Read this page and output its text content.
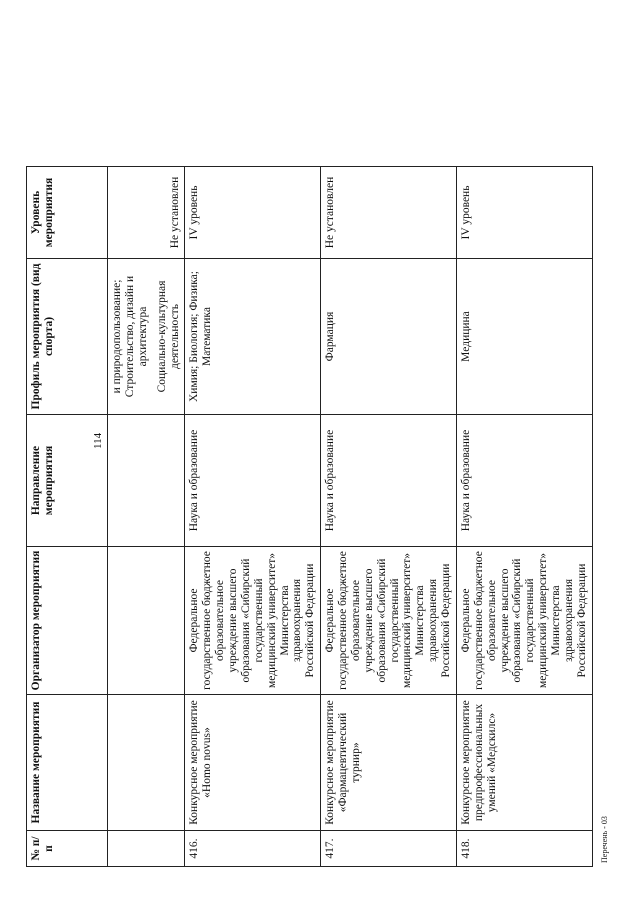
114
№ п/п	Название мероприятия	Организатор мероприятия	Направление мероприятия	Профиль мероприятия (вид спорта)	Уровень мероприятия

				и природопользование; Строительство, дизайн и архитектура Социально-культурная деятельность	Не установлен
416.	Конкурсное мероприятие «Homo novus»	Федеральное государственное бюджетное образовательное учреждение высшего образования «Сибирский государственный медицинский университет» Министерства здравоохранения Российской Федерации	Наука и образование	Химия; Биология; Физика; Математика	IV уровень
417.	Конкурсное мероприятие «Фармацевтический турнир»	Федеральное государственное бюджетное образовательное учреждение высшего образования «Сибирский государственный медицинский университет» Министерства здравоохранения Российской Федерации	Наука и образование	Фармация	Не установлен
418.	Конкурсное мероприятие предпрофессиональных умений «Медскилс»	Федеральное государственное бюджетное образовательное учреждение высшего образования «Сибирский государственный медицинский университет» Министерства здравоохранения Российской Федерации	Наука и образование	Медицина	IV уровень
Перечень - 03
